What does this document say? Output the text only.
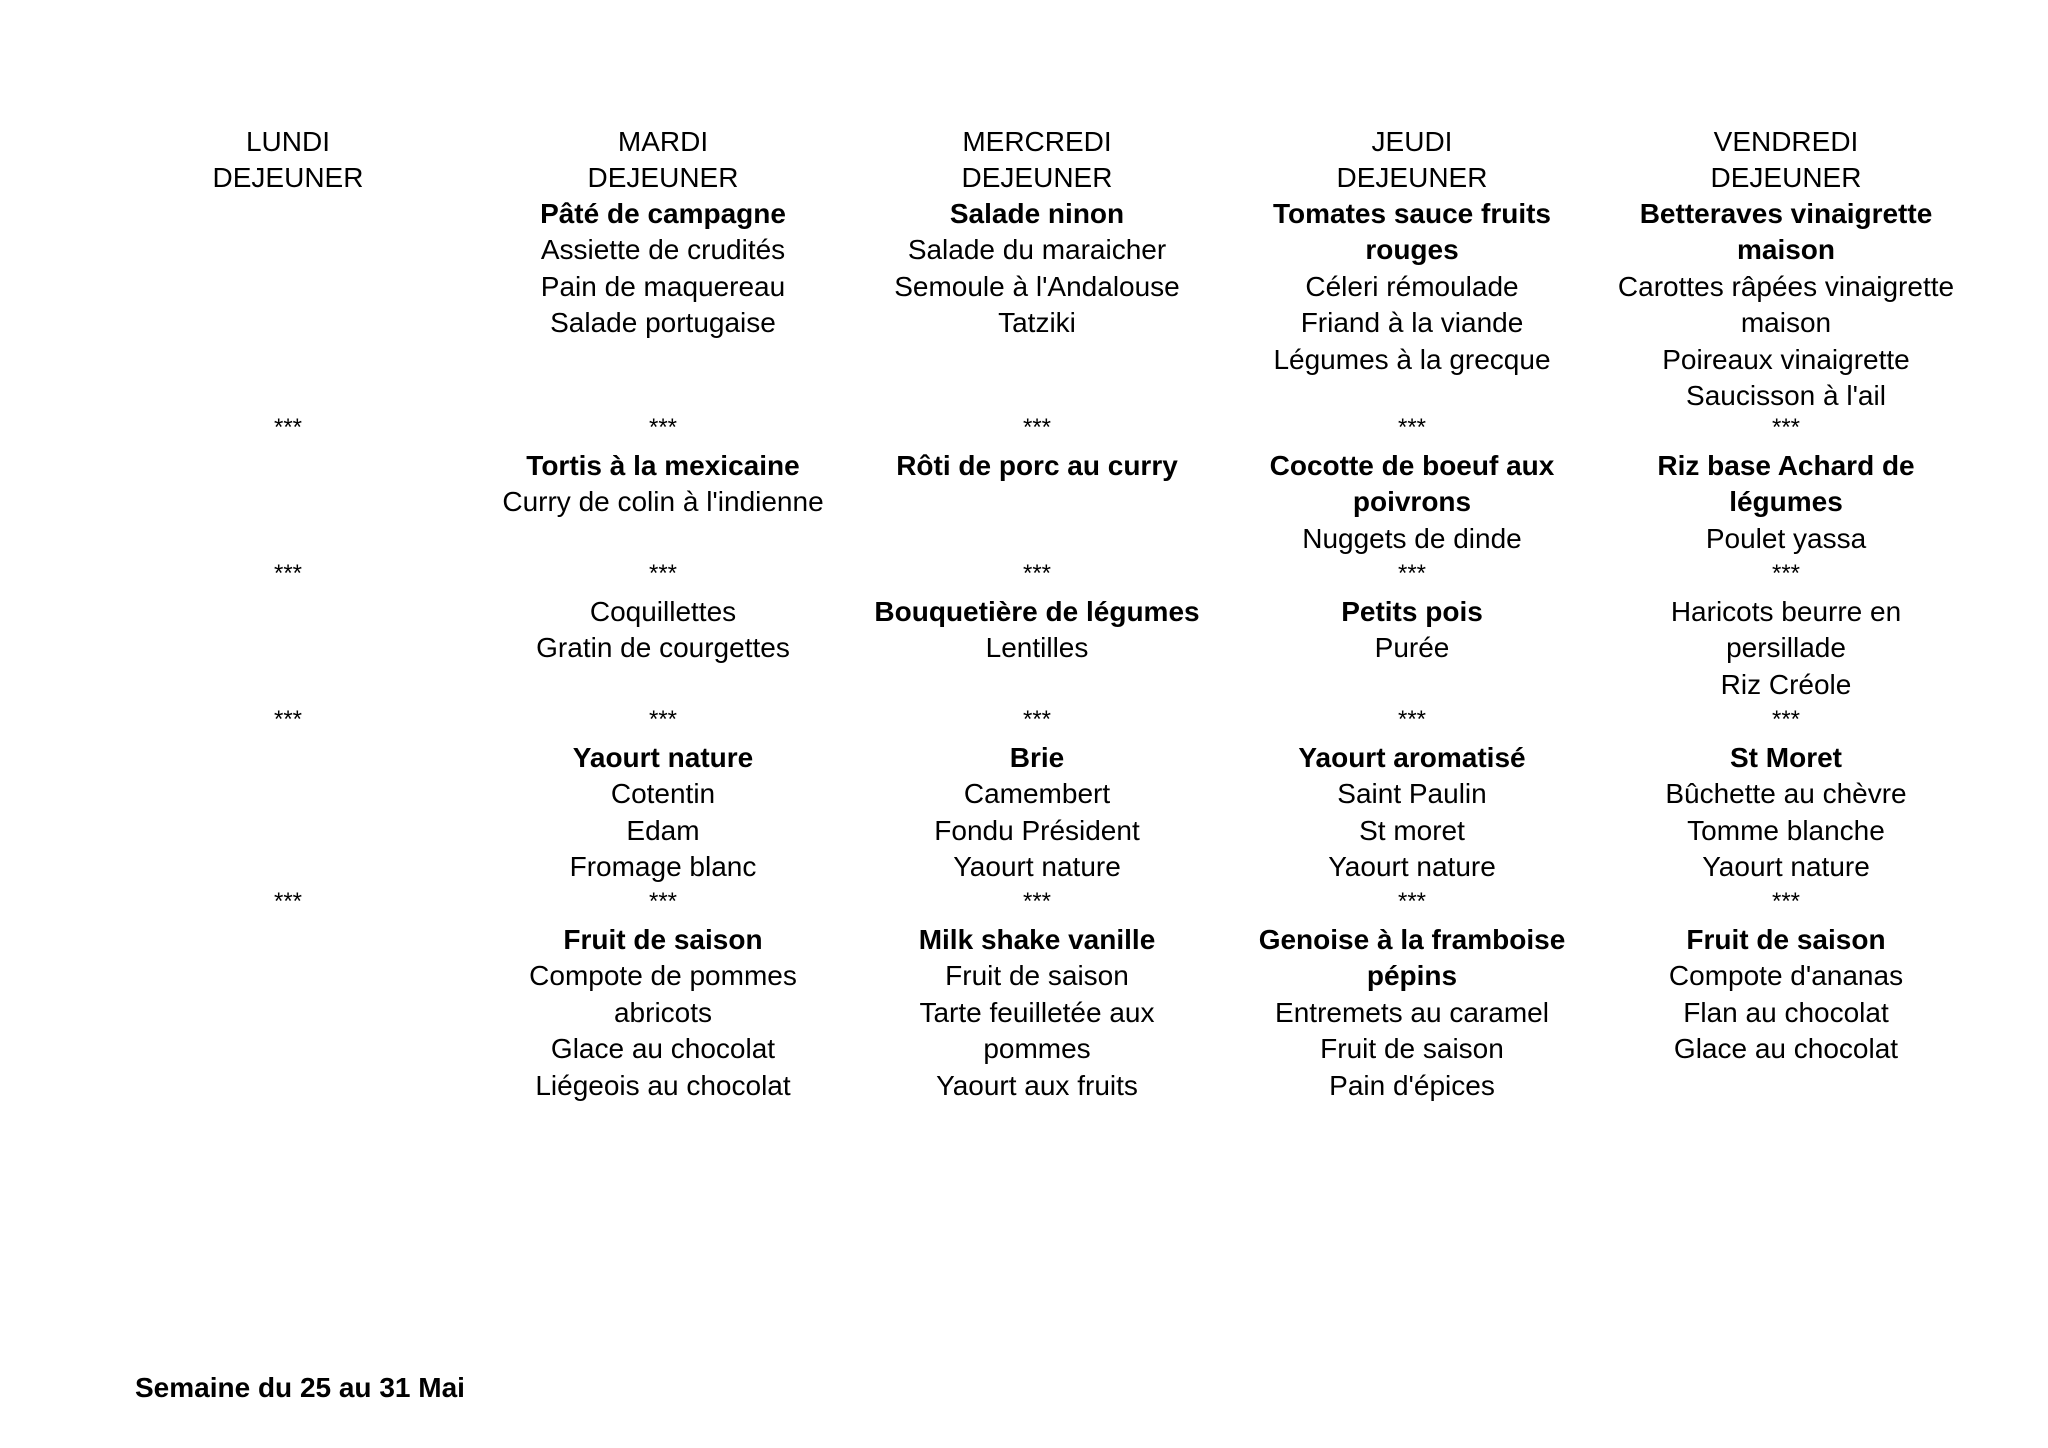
LUNDI
DEJEUNER
***
***
***
***
MARDI
DEJEUNER
Pâté de campagne
Assiette de crudités
Pain de maquereau
Salade portugaise
Tortis à la mexicaine
Curry de colin à l'indienne
Coquillettes
Gratin de courgettes
Yaourt nature
Cotentin
Edam
Fromage blanc
Fruit de saison
Compote de pommes
abricots
Glace au chocolat
Liégeois au chocolat
***
***
***
***
MERCREDI
DEJEUNER
Salade ninon
Salade du maraicher
Semoule à l'Andalouse
Tatziki
Rôti de porc au curry
Bouquetière de légumes
Lentilles
Brie
Camembert
Fondu Président
Yaourt nature
Milk shake vanille
Fruit de saison
Tarte feuilletée aux
pommes
Yaourt aux fruits
***
***
***
***
JEUDI
DEJEUNER
Tomates sauce fruits
rouges
Céleri rémoulade
Friand à la viande
Légumes à la grecque
Cocotte de boeuf aux
poivrons
Nuggets de dinde
Petits pois
Purée
Yaourt aromatisé
Saint Paulin
St moret
Yaourt nature
Genoise à la framboise
pépins
Entremets au caramel
Fruit de saison
Pain d'épices
***
***
***
***
VENDREDI
DEJEUNER
Betteraves vinaigrette
maison
Carottes râpées vinaigrette
maison
Poireaux vinaigrette
Saucisson à l'ail
Riz base Achard de
légumes
Poulet yassa
Haricots beurre en
persillade
Riz Créole
St Moret
Bûchette au chèvre
Tomme blanche
Yaourt nature
Fruit de saison
Compote d'ananas
Flan au chocolat
Glace au chocolat
***
***
***
***
Semaine du 25 au 31 Mai
